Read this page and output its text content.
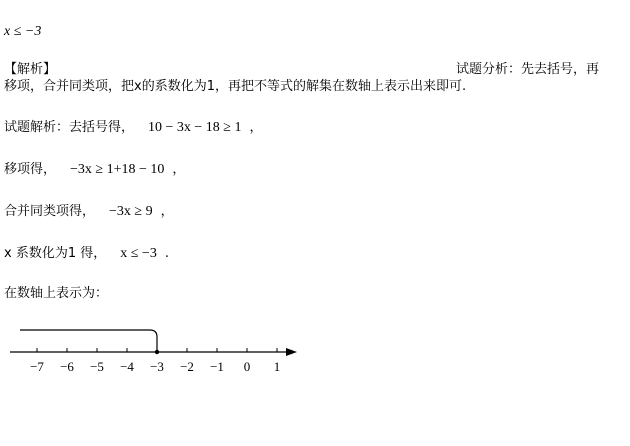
x ≤ −3
【解析】	试题分析：先去括号，再
移项，合并同类项，把x的系数化为1，再把不等式的解集在数轴上表示出来即可.
试题解析：去括号得， 10 − 3x − 18 ≥ 1 ，
移项得， −3x ≥ 1+18 − 10 ，
合并同类项得， −3x ≥ 9 ，
x 系数化为1 得， x ≤ −3 .
在数轴上表示为：
−7 −6 −5 −4 −3 −2 −1 0 1
